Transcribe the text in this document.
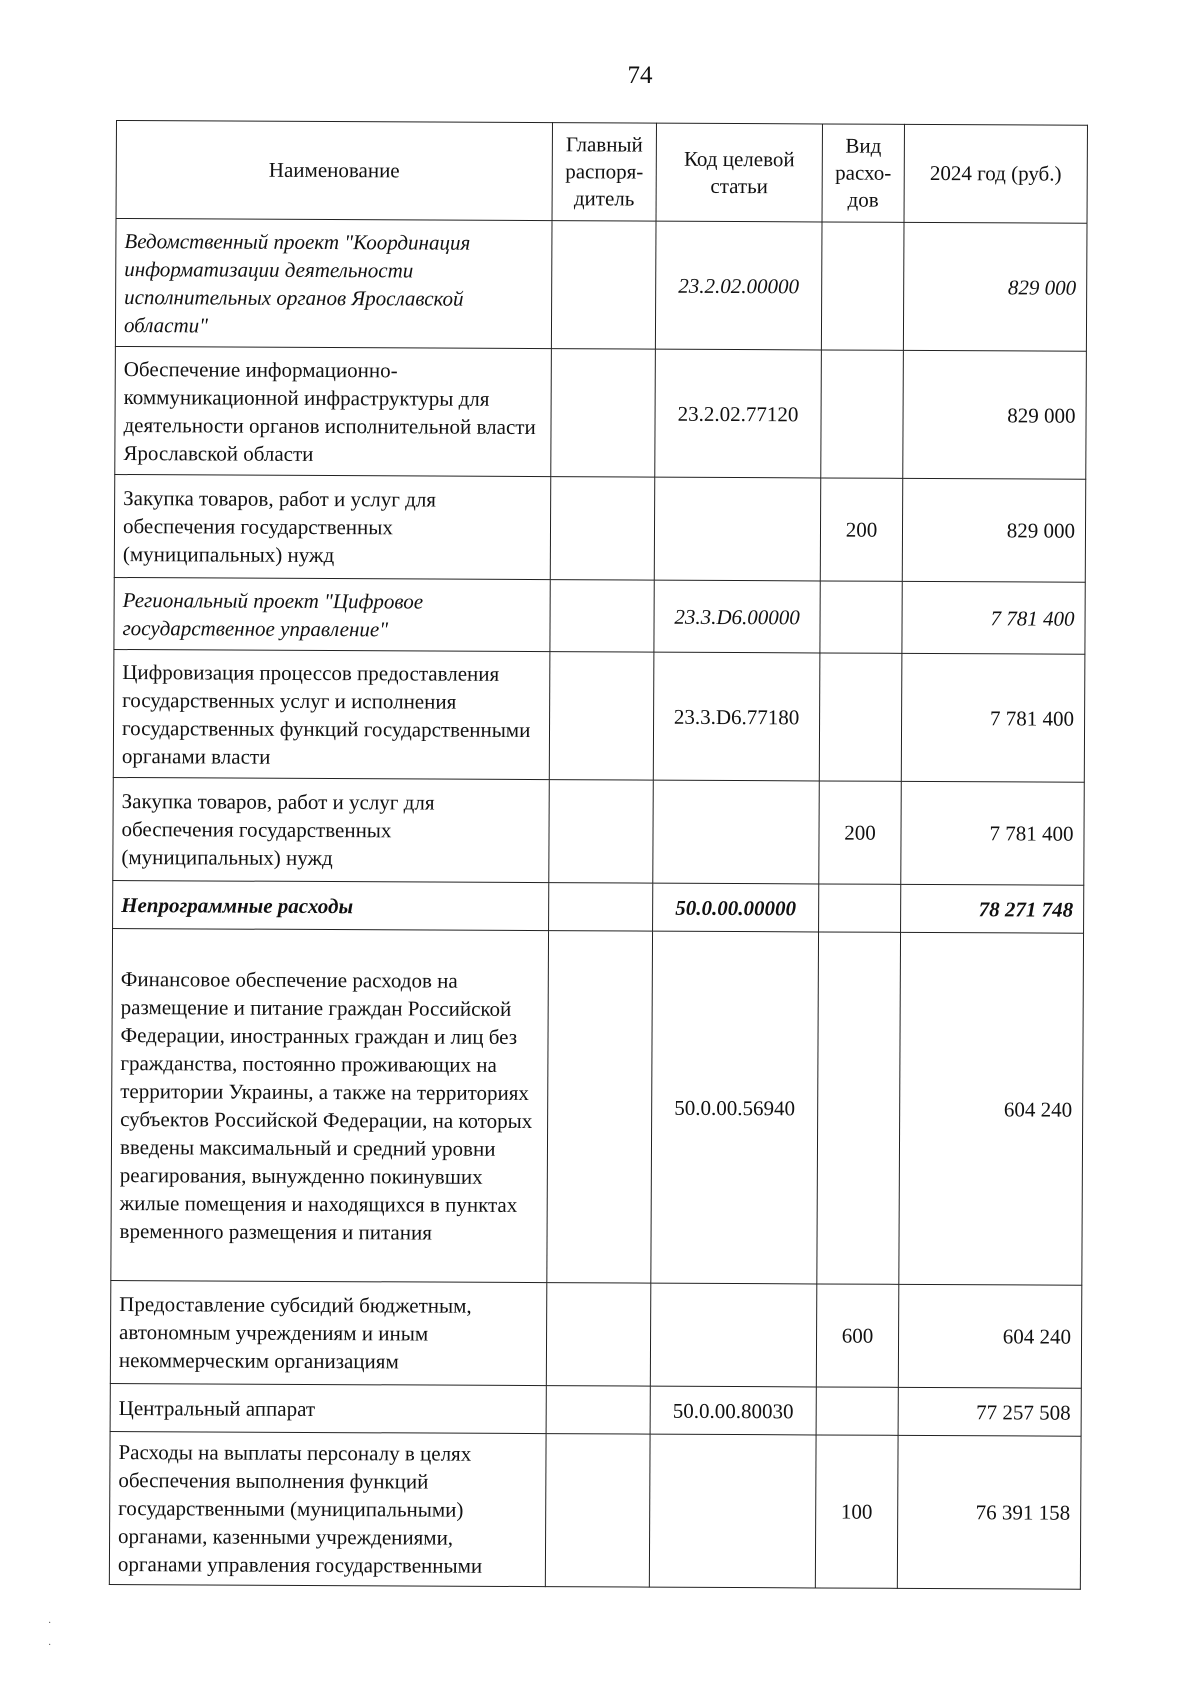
74
Наименование	Главный распоря-дитель	Код целевой статьи	Вид расхо-дов	2024 год (руб.)
Ведомственный проект "Координация информатизации деятельности исполнительных органов Ярославской области"		23.2.02.00000		829 000
Обеспечение информационно-коммуникационной инфраструктуры для деятельности органов исполнительной власти Ярославской области		23.2.02.77120		829 000
Закупка товаров, работ и услуг для обеспечения государственных (муниципальных) нужд			200	829 000
Региональный проект "Цифровое государственное управление"		23.3.D6.00000		7 781 400
Цифровизация процессов предоставления государственных услуг и исполнения государственных функций государственными органами власти		23.3.D6.77180		7 781 400
Закупка товаров, работ и услуг для обеспечения государственных (муниципальных) нужд			200	7 781 400
Непрограммные расходы		50.0.00.00000		78 271 748
Финансовое обеспечение расходов на размещение и питание граждан Российской Федерации, иностранных граждан и лиц без гражданства, постоянно проживающих на территории Украины, а также на территориях субъектов Российской Федерации, на которых введены максимальный и средний уровни реагирования, вынужденно покинувших жилые помещения и находящихся в пунктах временного размещения и питания		50.0.00.56940		604 240
Предоставление субсидий бюджетным, автономным учреждениям и иным некоммерческим организациям			600	604 240
Центральный аппарат		50.0.00.80030		77 257 508
Расходы на выплаты персоналу в целях обеспечения выполнения функций государственными (муниципальными) органами, казенными учреждениями, органами управления государственными			100	76 391 158
·

·
